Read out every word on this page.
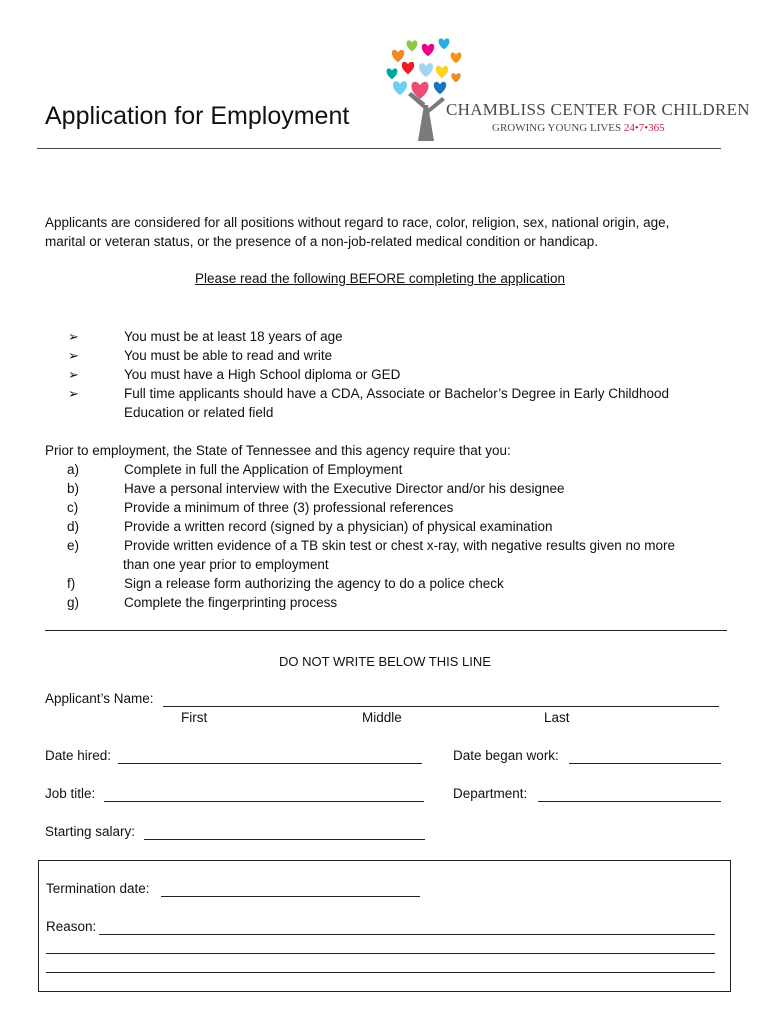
Application for Employment	CHAMBLISS CENTER FOR CHILDREN
GROWING YOUNG LIVES 24•7•365
Applicants are considered for all positions without regard to race, color, religion, sex, national origin, age,
marital or veteran status, or the presence of a non-job-related medical condition or handicap.
Please read the following BEFORE completing the application
➢	You must be at least 18 years of age
➢	You must be able to read and write
➢	You must have a High School diploma or GED
➢	Full time applicants should have a CDA, Associate or Bachelor’s Degree in Early Childhood
Education or related field
Prior to employment, the State of Tennessee and this agency require that you:
a)	Complete in full the Application of Employment
b)	Have a personal interview with the Executive Director and/or his designee
c)	Provide a minimum of three (3) professional references
d)	Provide a written record (signed by a physician) of physical examination
e)	Provide written evidence of a TB skin test or chest x-ray, with negative results given no more
than one year prior to employment
f)	Sign a release form authorizing the agency to do a police check
g)	Complete the fingerprinting process
DO NOT WRITE BELOW THIS LINE
Applicant’s Name:
First	Middle	Last
Date hired:	Date began work:
Job title:	Department:
Starting salary:
Termination date:
Reason:
